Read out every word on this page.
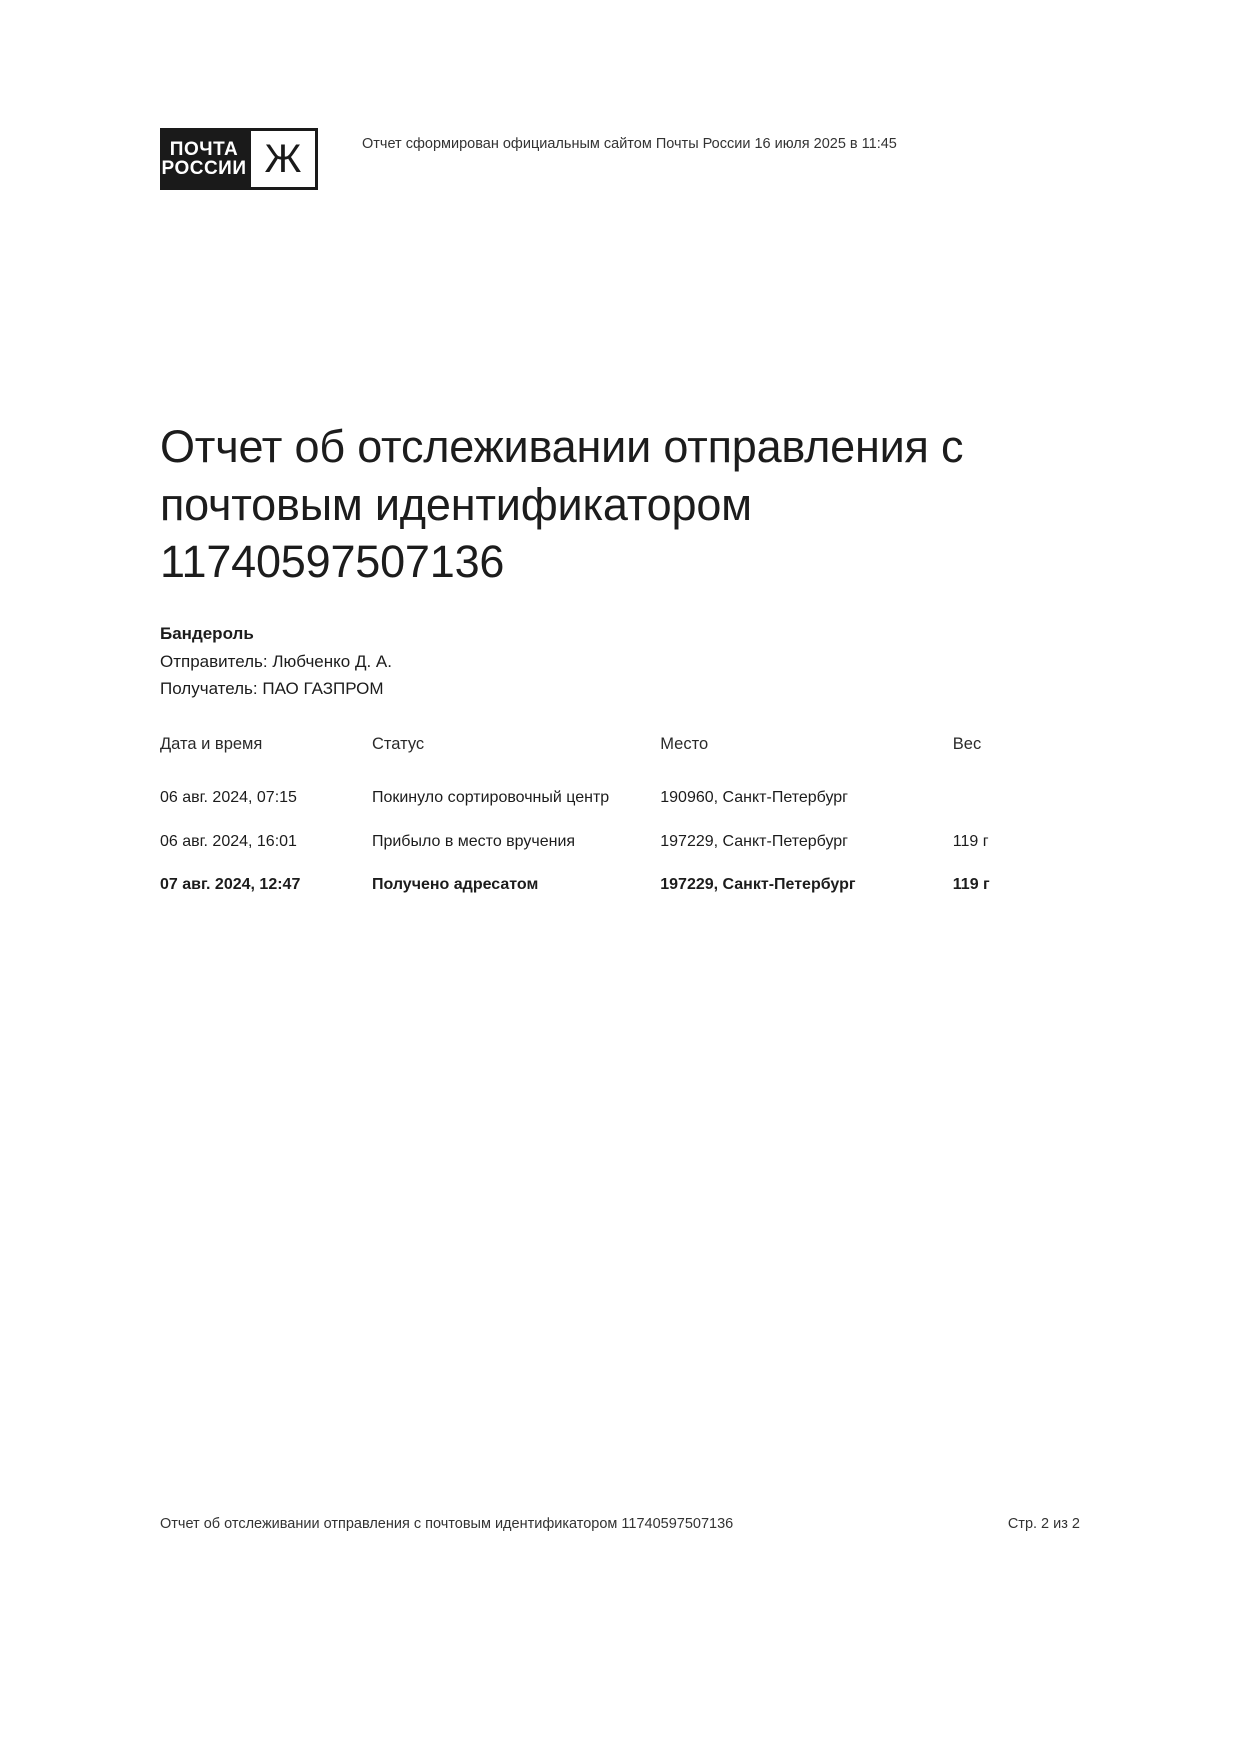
ПОЧТА
РОССИИ Ж	Отчет сформирован официальным сайтом Почты России 16 июля 2025 в 11:45
Отчет об отслеживании отправления с почтовым идентификатором 11740597507136
Бандероль
Отправитель: Любченко Д. А.
Получатель: ПАО ГАЗПРОМ
Дата и время	Статус	Место	Вес
06 авг. 2024, 07:15	Покинуло сортировочный центр	190960, Санкт-Петербург	
06 авг. 2024, 16:01	Прибыло в место вручения	197229, Санкт-Петербург	119 г
07 авг. 2024, 12:47	Получено адресатом	197229, Санкт-Петербург	119 г
Отчет об отслеживании отправления с почтовым идентификатором 11740597507136	Стр. 2 из 2
